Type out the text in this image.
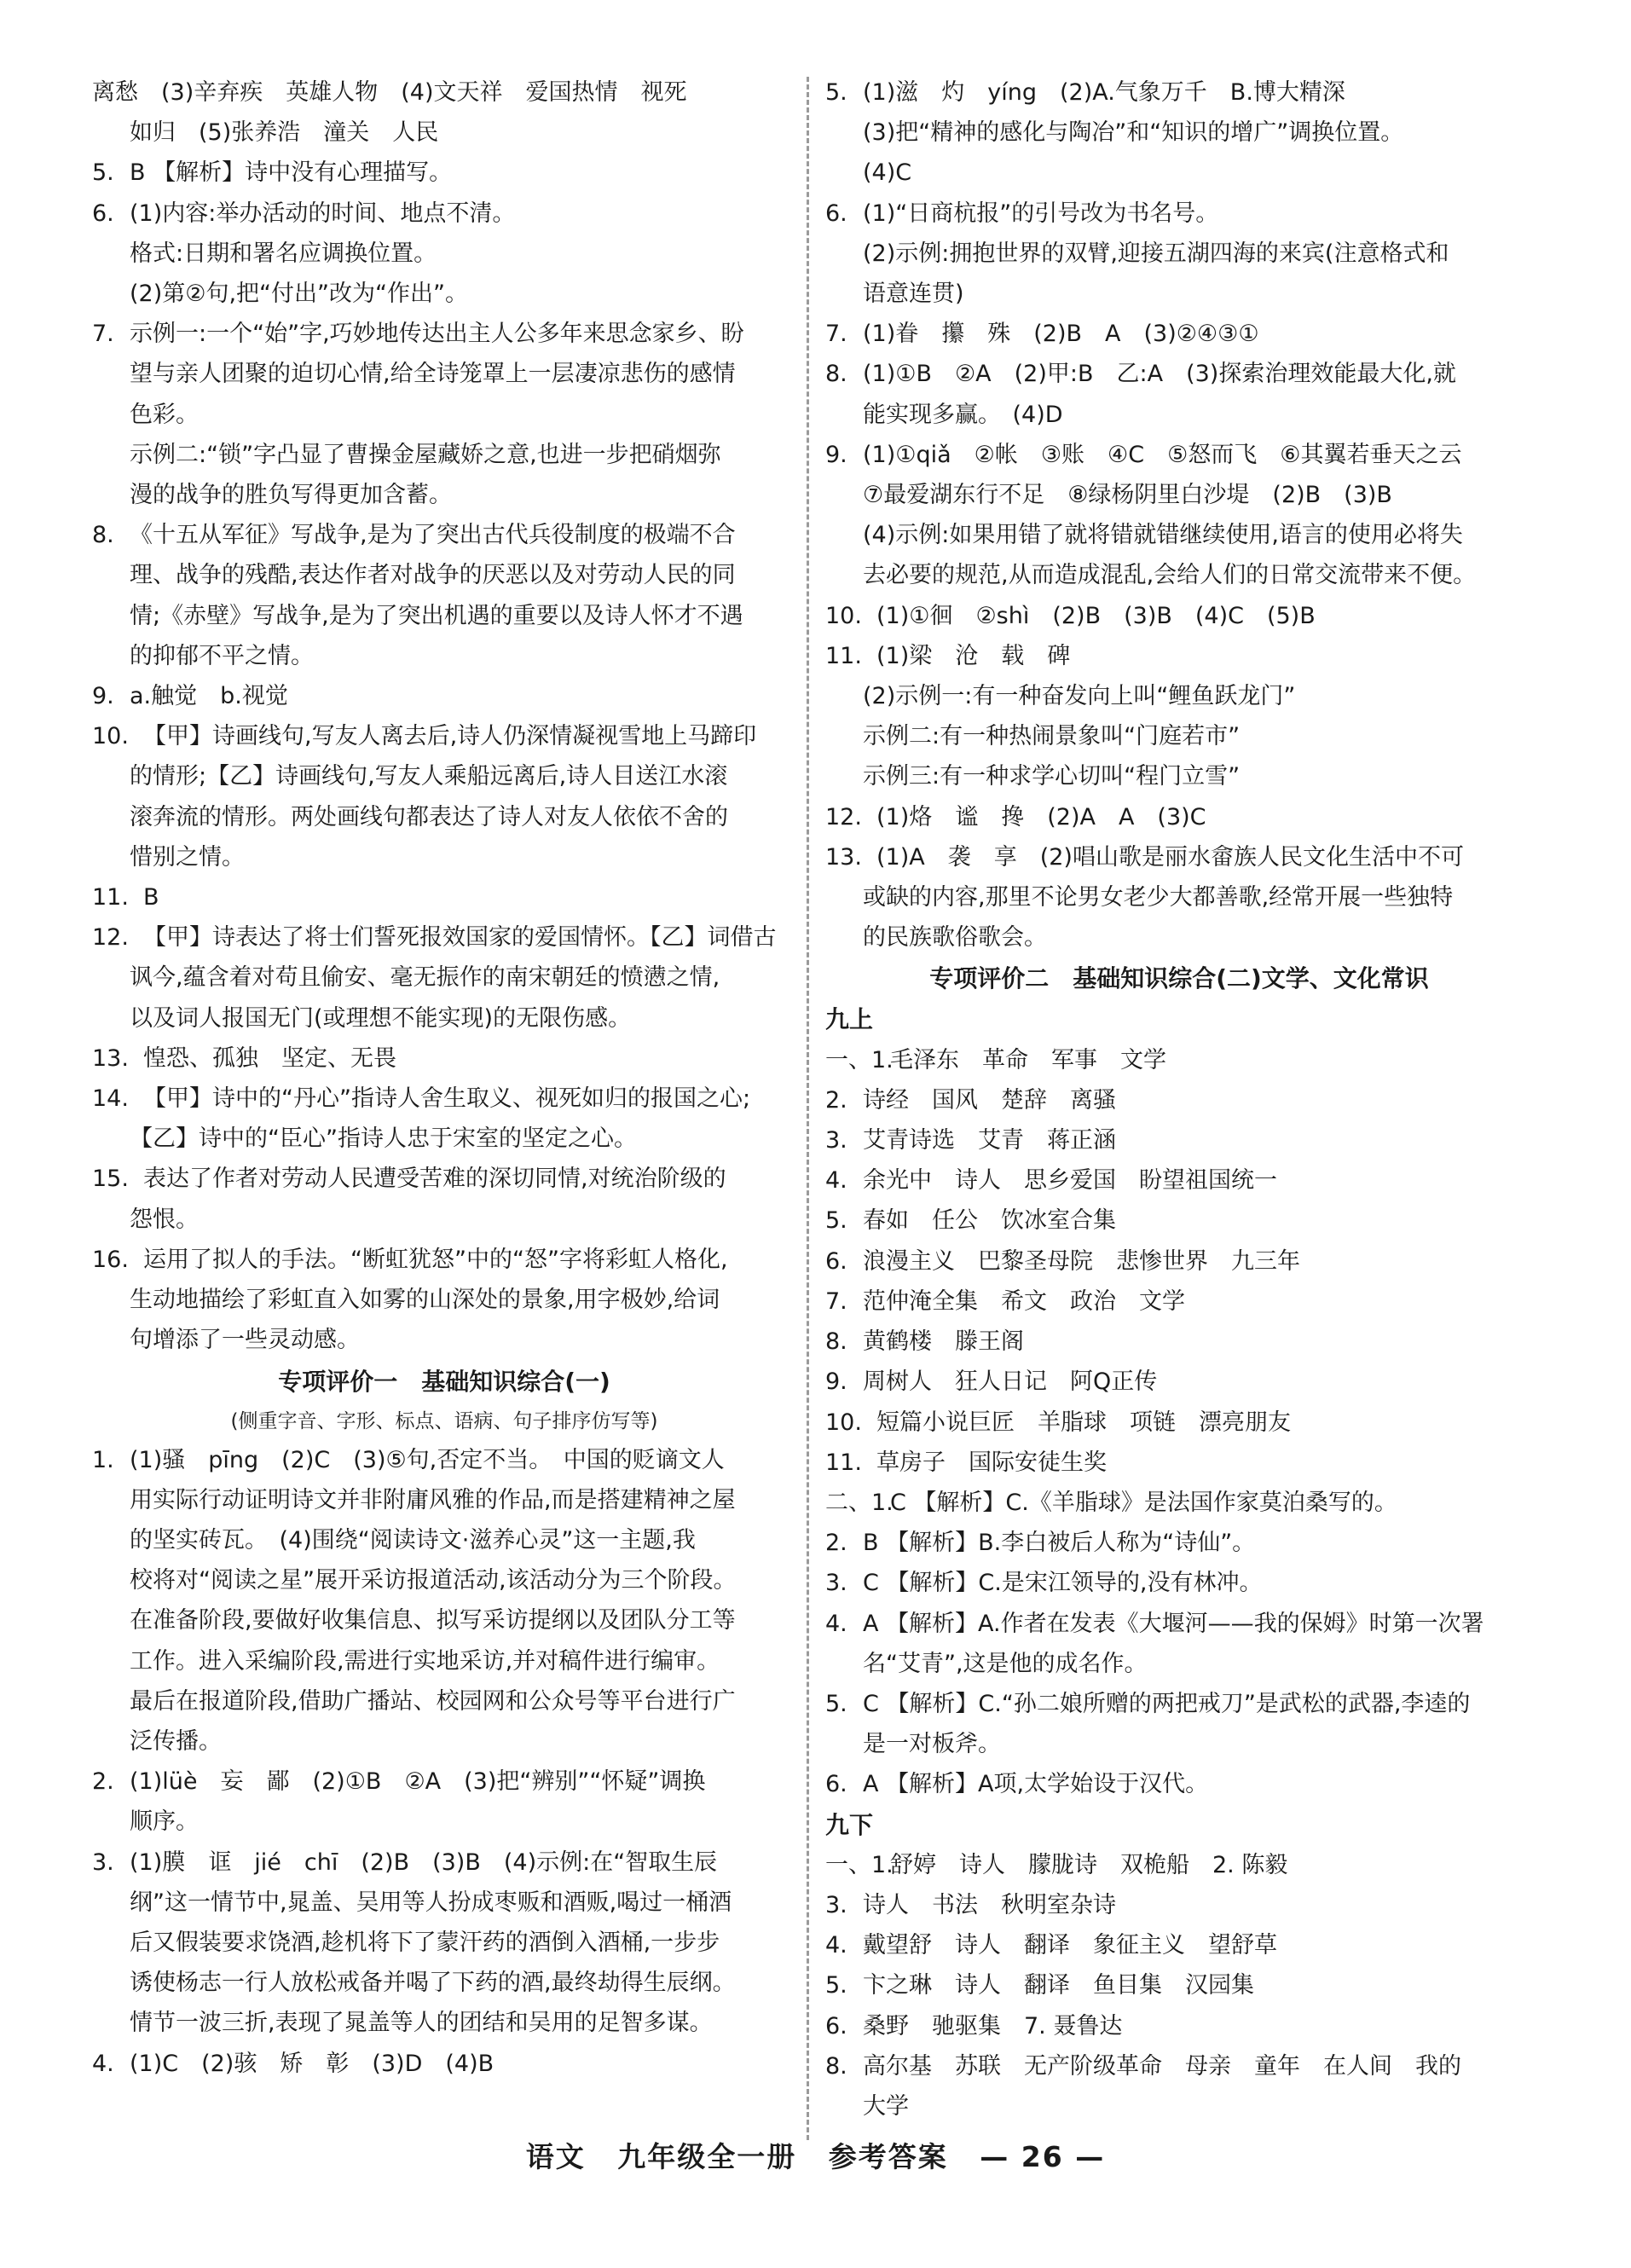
离愁　(3)辛弃疾　英雄人物　(4)文天祥　爱国热情　视死
如归　(5)张养浩　潼关　人民
5. B 【解析】诗中没有心理描写。
6. (1)内容:举办活动的时间、地点不清。
格式:日期和署名应调换位置。
(2)第②句,把“付出”改为“作出”。
7. 示例一:一个“始”字,巧妙地传达出主人公多年来思念家乡、盼
望与亲人团聚的迫切心情,给全诗笼罩上一层凄凉悲伤的感情
色彩。
示例二:“锁”字凸显了曹操金屋藏娇之意,也进一步把硝烟弥
漫的战争的胜负写得更加含蓄。
8. 《十五从军征》写战争,是为了突出古代兵役制度的极端不合
理、战争的残酷,表达作者对战争的厌恶以及对劳动人民的同
情;《赤壁》写战争,是为了突出机遇的重要以及诗人怀才不遇
的抑郁不平之情。
9. a.触觉　b.视觉
10. 【甲】诗画线句,写友人离去后,诗人仍深情凝视雪地上马蹄印
的情形;【乙】诗画线句,写友人乘船远离后,诗人目送江水滚
滚奔流的情形。两处画线句都表达了诗人对友人依依不舍的
惜别之情。
11. B
12. 【甲】诗表达了将士们誓死报效国家的爱国情怀。【乙】词借古
讽今,蕴含着对苟且偷安、毫无振作的南宋朝廷的愤懑之情,
以及词人报国无门(或理想不能实现)的无限伤感。
13. 惶恐、孤独　坚定、无畏
14. 【甲】诗中的“丹心”指诗人舍生取义、视死如归的报国之心;
【乙】诗中的“臣心”指诗人忠于宋室的坚定之心。
15. 表达了作者对劳动人民遭受苦难的深切同情,对统治阶级的
怨恨。
16. 运用了拟人的手法。“断虹犹怒”中的“怒”字将彩虹人格化,
生动地描绘了彩虹直入如雾的山深处的景象,用字极妙,给词
句增添了一些灵动感。
专项评价一　基础知识综合(一)
(侧重字音、字形、标点、语病、句子排序仿写等)
1. (1)骚　pīng　(2)C　(3)⑤句,否定不当。　中国的贬谪文人
用实际行动证明诗文并非附庸风雅的作品,而是搭建精神之屋
的坚实砖瓦。　(4)围绕“阅读诗文·滋养心灵”这一主题,我
校将对“阅读之星”展开采访报道活动,该活动分为三个阶段。
在准备阶段,要做好收集信息、拟写采访提纲以及团队分工等
工作。进入采编阶段,需进行实地采访,并对稿件进行编审。
最后在报道阶段,借助广播站、校园网和公众号等平台进行广
泛传播。
2. (1)lüè　妄　鄙　(2)①B　②A　(3)把“辨别”“怀疑”调换
顺序。
3. (1)膜　诓　jié　chī　(2)B　(3)B　(4)示例:在“智取生辰
纲”这一情节中,晁盖、吴用等人扮成枣贩和酒贩,喝过一桶酒
后又假装要求饶酒,趁机将下了蒙汗药的酒倒入酒桶,一步步
诱使杨志一行人放松戒备并喝了下药的酒,最终劫得生辰纲。
情节一波三折,表现了晁盖等人的团结和吴用的足智多谋。
4. (1)C　(2)骇　矫　彰　(3)D　(4)B
5. (1)滋　灼　yíng　(2)A.气象万千　B.博大精深
(3)把“精神的感化与陶冶”和“知识的增广”调换位置。
(4)C
6. (1)“日商杭报”的引号改为书名号。
(2)示例:拥抱世界的双臂,迎接五湖四海的来宾(注意格式和
语意连贯)
7. (1)眷　攥　殊　(2)B　A　(3)②④③①
8. (1)①B　②A　(2)甲:B　乙:A　(3)探索治理效能最大化,就
能实现多赢。　(4)D
9. (1)①qiǎ　②帐　③账　④C　⑤怒而飞　⑥其翼若垂天之云
⑦最爱湖东行不足　⑧绿杨阴里白沙堤　(2)B　(3)B
(4)示例:如果用错了就将错就错继续使用,语言的使用必将失
去必要的规范,从而造成混乱,会给人们的日常交流带来不便。
10. (1)①徊　②shì　(2)B　(3)B　(4)C　(5)B
11. (1)梁　沧　载　碑
(2)示例一:有一种奋发向上叫“鲤鱼跃龙门”
示例二:有一种热闹景象叫“门庭若市”
示例三:有一种求学心切叫“程门立雪”
12. (1)烙　谧　搀　(2)A　A　(3)C
13. (1)A　袭　享　(2)唱山歌是丽水畲族人民文化生活中不可
或缺的内容,那里不论男女老少大都善歌,经常开展一些独特
的民族歌俗歌会。
专项评价二　基础知识综合(二)文学、文化常识
九上
一、1.
毛泽东　革命　军事　文学
2. 诗经　国风　楚辞　离骚
3. 艾青诗选　艾青　蒋正涵
4. 余光中　诗人　思乡爱国　盼望祖国统一
5. 春如　任公　饮冰室合集
6. 浪漫主义　巴黎圣母院　悲惨世界　九三年
7. 范仲淹全集　希文　政治　文学
8. 黄鹤楼　滕王阁
9. 周树人　狂人日记　阿Q正传
10. 短篇小说巨匠　羊脂球　项链　漂亮朋友
11. 草房子　国际安徒生奖
二、1.
C 【解析】C.《羊脂球》是法国作家莫泊桑写的。
2. B 【解析】B.李白被后人称为“诗仙”。
3. C 【解析】C.是宋江领导的,没有林冲。
4. A 【解析】A.作者在发表《大堰河——我的保姆》时第一次署
名“艾青”,这是他的成名作。
5. C 【解析】C.“孙二娘所赠的两把戒刀”是武松的武器,李逵的
是一对板斧。
6. A 【解析】A项,太学始设于汉代。
九下
一、1.
舒婷　诗人　朦胧诗　双桅船　2. 陈毅
3. 诗人　书法　秋明室杂诗
4. 戴望舒　诗人　翻译　象征主义　望舒草
5. 卞之琳　诗人　翻译　鱼目集　汉园集
6. 桑野　驰驱集　7. 聂鲁达
8. 高尔基　苏联　无产阶级革命　母亲　童年　在人间　我的
大学
语文 九年级全一册 参考答案 — 26 —
